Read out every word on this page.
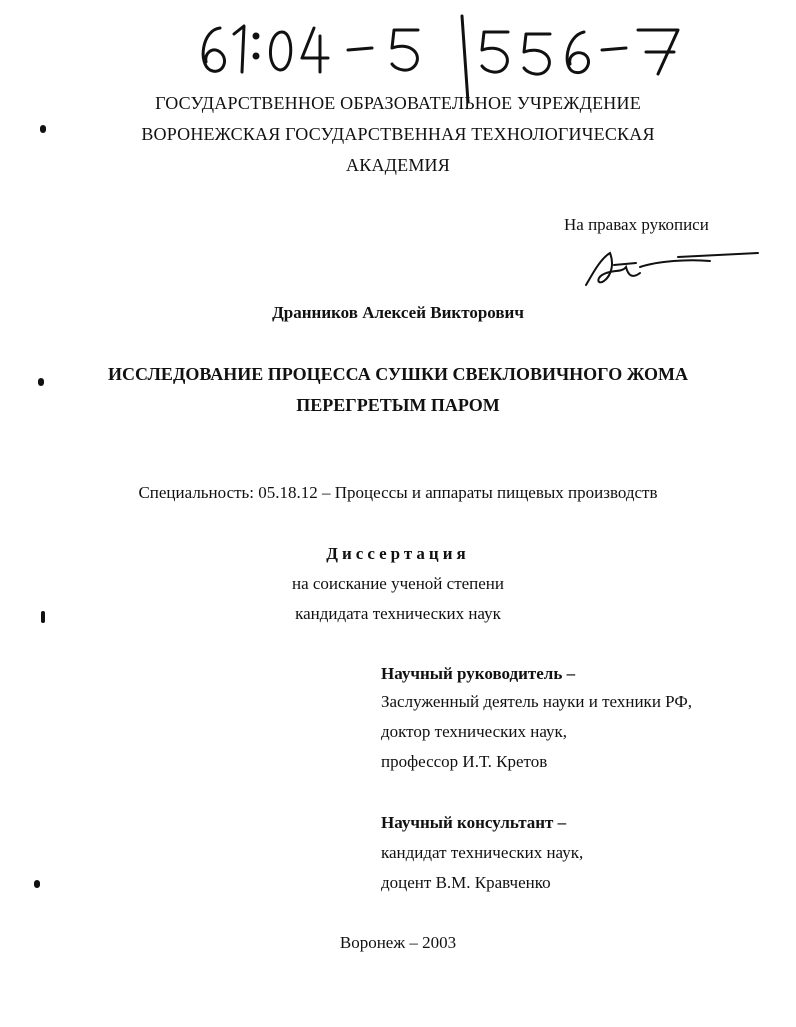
ГОСУДАРСТВЕННОЕ ОБРАЗОВАТЕЛЬНОЕ УЧРЕЖДЕНИЕ
ВОРОНЕЖСКАЯ ГОСУДАРСТВЕННАЯ ТЕХНОЛОГИЧЕСКАЯ
АКАДЕМИЯ
На правах рукописи
Дранников Алексей Викторович
ИССЛЕДОВАНИЕ ПРОЦЕССА СУШКИ СВЕКЛОВИЧНОГО ЖОМА
ПЕРЕГРЕТЫМ ПАРОМ
Специальность: 05.18.12 – Процессы и аппараты пищевых производств
Диссертация
на соискание ученой степени
кандидата технических наук
Научный руководитель –
Заслуженный деятель науки и техники РФ,
доктор технических наук,
профессор И.Т. Кретов
Научный консультант –
кандидат технических наук,
доцент В.М. Кравченко
Воронеж – 2003
